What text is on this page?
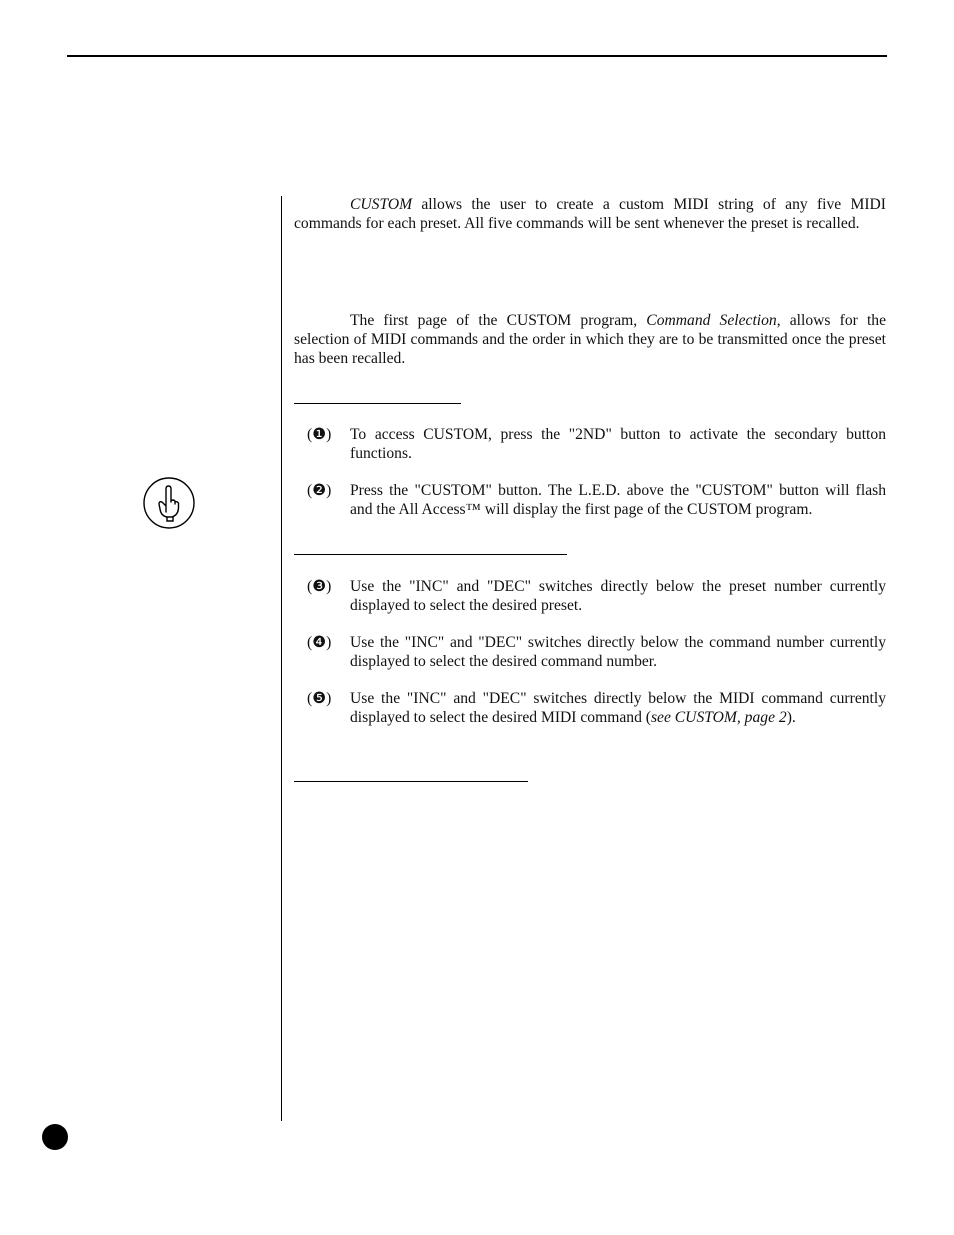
CUSTOM allows the user to create a custom MIDI string of any five MIDI commands for each preset. All five commands will be sent whenever the preset is recalled.

The first page of the CUSTOM program, Command Selection, allows for the selection of MIDI commands and the order in which they are to be transmitted once the preset has been recalled.

(❶)	To access CUSTOM, press the "2ND" button to activate the secondary button functions.
(❷)	Press the "CUSTOM" button. The L.E.D. above the "CUSTOM" button will flash and the All Access™ will display the first page of the CUSTOM program.
(❸)	Use the "INC" and "DEC" switches directly below the preset number currently displayed to select the desired preset.
(❹)	Use the "INC" and "DEC" switches directly below the command number currently displayed to select the desired command number.
(❺)	Use the "INC" and "DEC" switches directly below the MIDI command currently displayed to select the desired MIDI command (see CUSTOM, page 2).
